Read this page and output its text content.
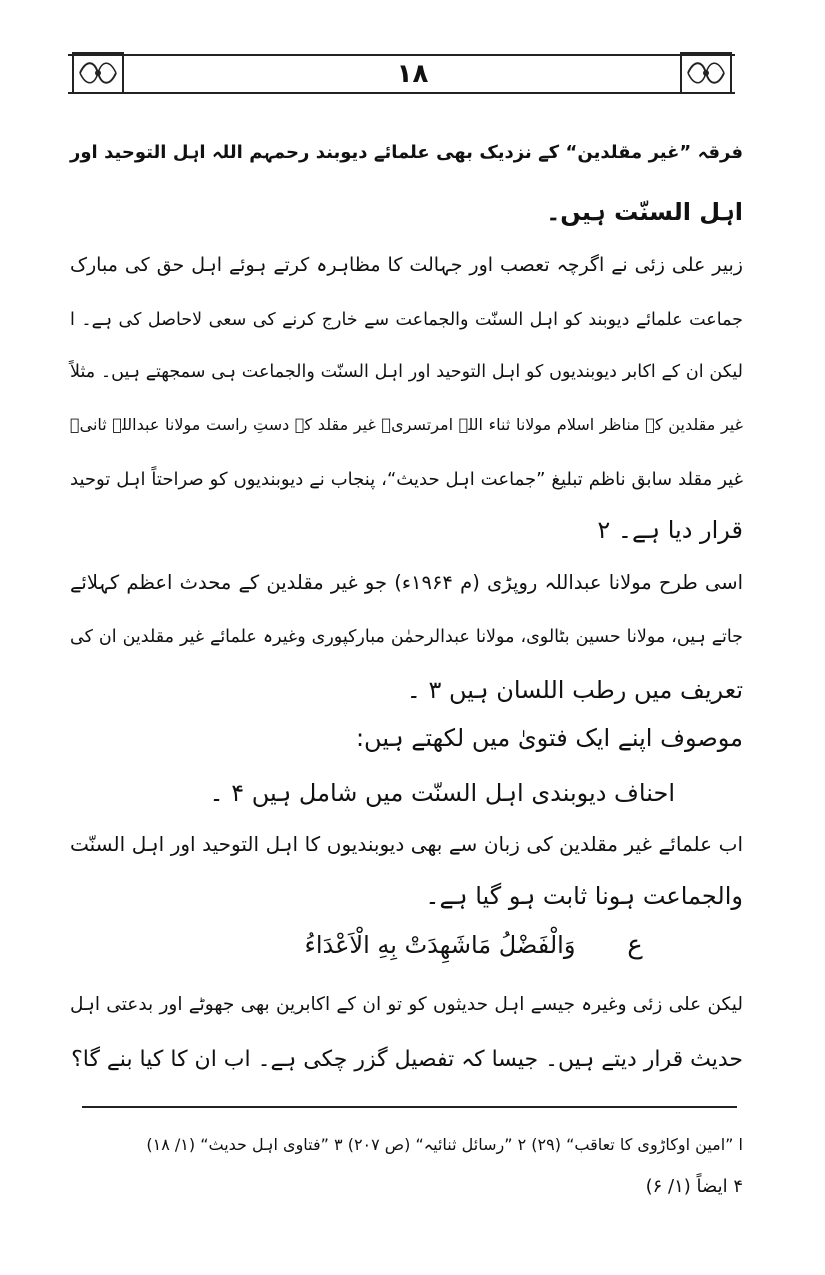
١٨
فرقہ ”غیر مقلدین“ کے نزدیک بھی علمائے دیوبند رحمہم اللہ اہل التوحید اور
اہل السنّت ہیں۔
زبیر علی زئی نے اگرچہ تعصب اور جہالت کا مظاہرہ کرتے ہوئے اہل حق کی مبارک
جماعت علمائے دیوبند کو اہل السنّت والجماعت سے خارج کرنے کی سعی لاحاصل کی ہے۔ ا
لیکن ان کے اکابر دیوبندیوں کو اہل التوحید اور اہل السنّت والجماعت ہی سمجھتے ہیں۔ مثلاً
غیر مقلدین کے مناظر اسلام مولانا ثناء اللہ امرتسریؒ غیر مقلد کے دستِ راست مولانا عبداللہ ثانیؒ
غیر مقلد سابق ناظم تبلیغ ”جماعت اہل حدیث“، پنجاب نے دیوبندیوں کو صراحتاً اہل توحید
قرار دیا ہے۔ ۲
اسی طرح مولانا عبداللہ روپڑی (م ۱۹۶۴ء) جو غیر مقلدین کے محدث اعظم کہلائے
جاتے ہیں، مولانا حسین بٹالوی، مولانا عبدالرحمٰن مبارکپوری وغیرہ علمائے غیر مقلدین ان کی
تعریف میں رطب اللسان ہیں ۳ ۔
موصوف اپنے ایک فتویٰ میں لکھتے ہیں:
احناف دیوبندی اہل السنّت میں شامل ہیں ۴ ۔
اب علمائے غیر مقلدین کی زبان سے بھی دیوبندیوں کا اہل التوحید اور اہل السنّت
والجماعت ہونا ثابت ہو گیا ہے۔
ع
وَالْفَضْلُ مَاشَهِدَتْ بِهِ الْاَعْدَاءُ
لیکن علی زئی وغیرہ جیسے اہل حدیثوں کو تو ان کے اکابرین بھی جھوٹے اور بدعتی اہل
حدیث قرار دیتے ہیں۔ جیسا کہ تفصیل گزر چکی ہے۔ اب ان کا کیا بنے گا؟
ا ”امین اوکاڑوی کا تعاقب“ (۲۹) ۲ ”رسائل ثنائیہ“ (ص ۲۰۷) ۳ ”فتاوی اہل حدیث“ (۱/ ۱۸)
۴ ایضاً (۱/ ۶)
